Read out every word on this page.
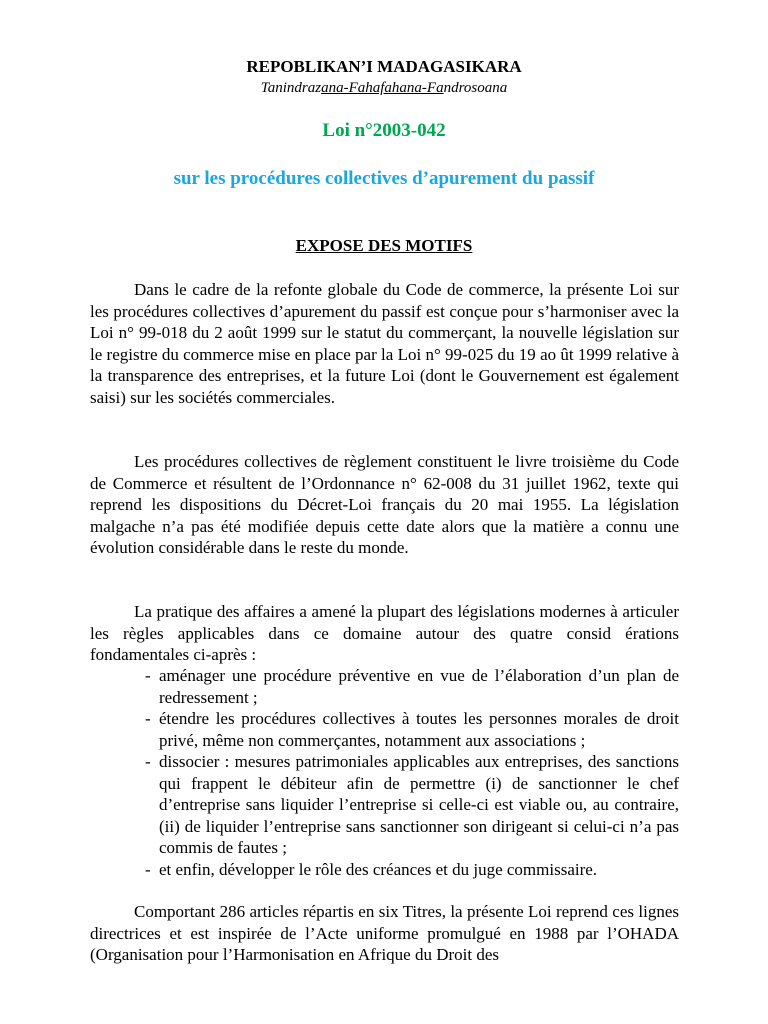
REPOBLIKAN’I MADAGASIKARA
Tanindrazana-Fahafahana-Fandrosoana
Loi n°2003-042
sur les procédures collectives d’apurement du passif
EXPOSE DES MOTIFS

Dans le cadre de la refonte globale du Code de commerce, la présente Loi sur les procédures collectives d’apurement du passif est conçue pour s’harmoniser avec la Loi n° 99-018 du 2 août 1999 sur le statut du commerçant, la nouvelle législation sur le registre du commerce mise en place par la Loi n° 99-025 du 19 ao ût 1999 relative à la transparence des entreprises, et la future Loi (dont le Gouvernement est également saisi) sur les sociétés commerciales.

Les procédures collectives de règlement constituent le livre troisième du Code de Commerce et résultent de l’Ordonnance n° 62-008 du 31 juillet 1962, texte qui reprend les dispositions du Décret-Loi français du 20 mai 1955. La législation malgache n’a pas été modifiée depuis cette date alors que la matière a connu une évolution considérable dans le reste du monde.

La pratique des affaires a amené la plupart des législations modernes à articuler les règles applicables dans ce domaine autour des quatre consid érations fondamentales ci-après :

- aménager une procédure préventive en vue de l’élaboration d’un plan de redressement ;
- étendre les procédures collectives à toutes les personnes morales de droit privé, même non commerçantes, notamment aux associations ;
- dissocier : mesures patrimoniales applicables aux entreprises, des sanctions qui frappent le débiteur afin de permettre (i) de sanctionner le chef d’entreprise sans liquider l’entreprise si celle-ci est viable ou, au contraire, (ii) de liquider l’entreprise sans sanctionner son dirigeant si celui-ci n’a pas commis de fautes ;
- et enfin, développer le rôle des créances et du juge commissaire.

Comportant 286 articles répartis en six Titres, la présente Loi reprend ces lignes directrices et est inspirée de l’Acte uniforme promulgué en 1988 par l’OHADA (Organisation pour l’Harmonisation en Afrique du Droit des
